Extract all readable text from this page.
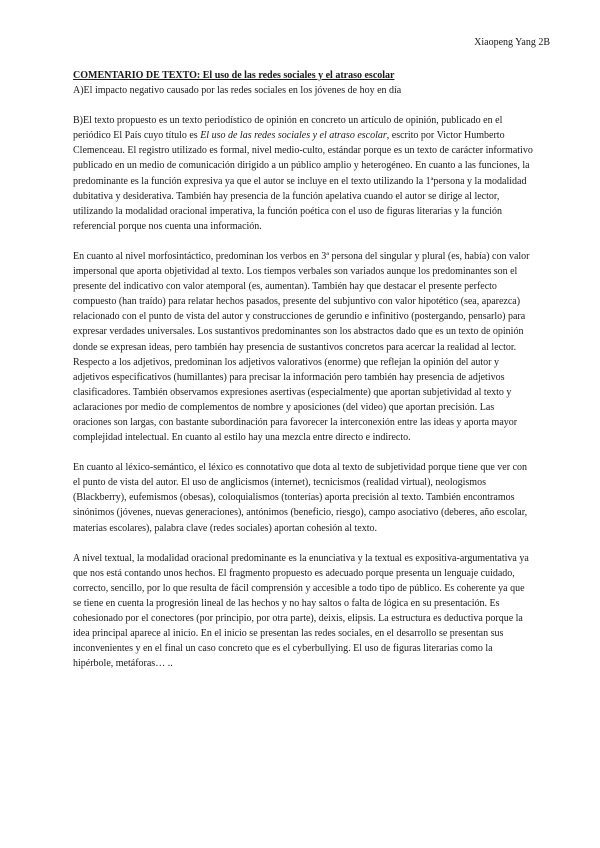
Xiaopeng Yang 2B

COMENTARIO DE TEXTO: El uso de las redes sociales y el atraso escolar

A)El impacto negativo causado por las redes sociales en los jóvenes de hoy en día

B)El texto propuesto es un texto periodístico de opinión en concreto un artículo de opinión, publicado en el periódico El País cuyo título es El uso de las redes sociales y el atraso escolar, escrito por Victor Humberto Clemenceau. El registro utilizado es formal, nivel medio-culto, estándar porque es un texto de carácter informativo publicado en un medio de comunicación dirigido a un público amplio y heterogéneo. En cuanto a las funciones, la predominante es la función expresiva ya que el autor se incluye en el texto utilizando la 1ªpersona y la modalidad dubitativa y desiderativa. También hay presencia de la función apelativa cuando el autor se dirige al lector, utilizando la modalidad oracional imperativa, la función poética con el uso de figuras literarias y la función referencial porque nos cuenta una información.

En cuanto al nivel morfosintáctico, predominan los verbos en 3ª persona del singular y plural (es, había) con valor impersonal que aporta objetividad al texto. Los tiempos verbales son variados aunque los predominantes son el presente del indicativo con valor atemporal (es, aumentan). También hay que destacar el presente perfecto compuesto (han traído) para relatar hechos pasados, presente del subjuntivo con valor hipotético (sea, aparezca) relacionado con el punto de vista del autor y construcciones de gerundio e infinitivo (postergando, pensarlo) para expresar verdades universales. Los sustantivos predominantes son los abstractos dado que es un texto de opinión donde se expresan ideas, pero también hay presencia de sustantivos concretos para acercar la realidad al lector. Respecto a los adjetivos, predominan los adjetivos valorativos (enorme) que reflejan la opinión del autor y adjetivos especificativos (humillantes) para precisar la información pero también hay presencia de adjetivos clasificadores. También observamos expresiones asertivas (especialmente) que aportan subjetividad al texto y aclaraciones por medio de complementos de nombre y aposiciones (del video) que aportan precisión. Las oraciones son largas, con bastante subordinación para favorecer la interconexión entre las ideas y aporta mayor complejidad intelectual. En cuanto al estilo hay una mezcla entre directo e indirecto.

En cuanto al léxico-semántico, el léxico es connotativo que dota al texto de subjetividad porque tiene que ver con el punto de vista del autor. El uso de anglicismos (internet), tecnicismos (realidad virtual), neologismos (Blackberry), eufemismos (obesas), coloquialismos (tonterías) aporta precisión al texto. También encontramos sinónimos (jóvenes, nuevas generaciones), antónimos (beneficio, riesgo), campo asociativo (deberes, año escolar, materias escolares), palabra clave (redes sociales) aportan cohesión al texto.

A nivel textual, la modalidad oracional predominante es la enunciativa y la textual es expositiva-argumentativa ya que nos está contando unos hechos. El fragmento propuesto es adecuado porque presenta un lenguaje cuidado, correcto, sencillo, por lo que resulta de fácil comprensión y accesible a todo tipo de público. Es coherente ya que se tiene en cuenta la progresión lineal de las hechos y no hay saltos o falta de lógica en su presentación. Es cohesionado por el conectores (por principio, por otra parte), deixis, elipsis. La estructura es deductiva porque la idea principal aparece al inicio. En el inicio se presentan las redes sociales, en el desarrollo se presentan sus inconvenientes y en el final un caso concreto que es el cyberbullying. El uso de figuras literarias como la hipérbole, metáforas… ..
